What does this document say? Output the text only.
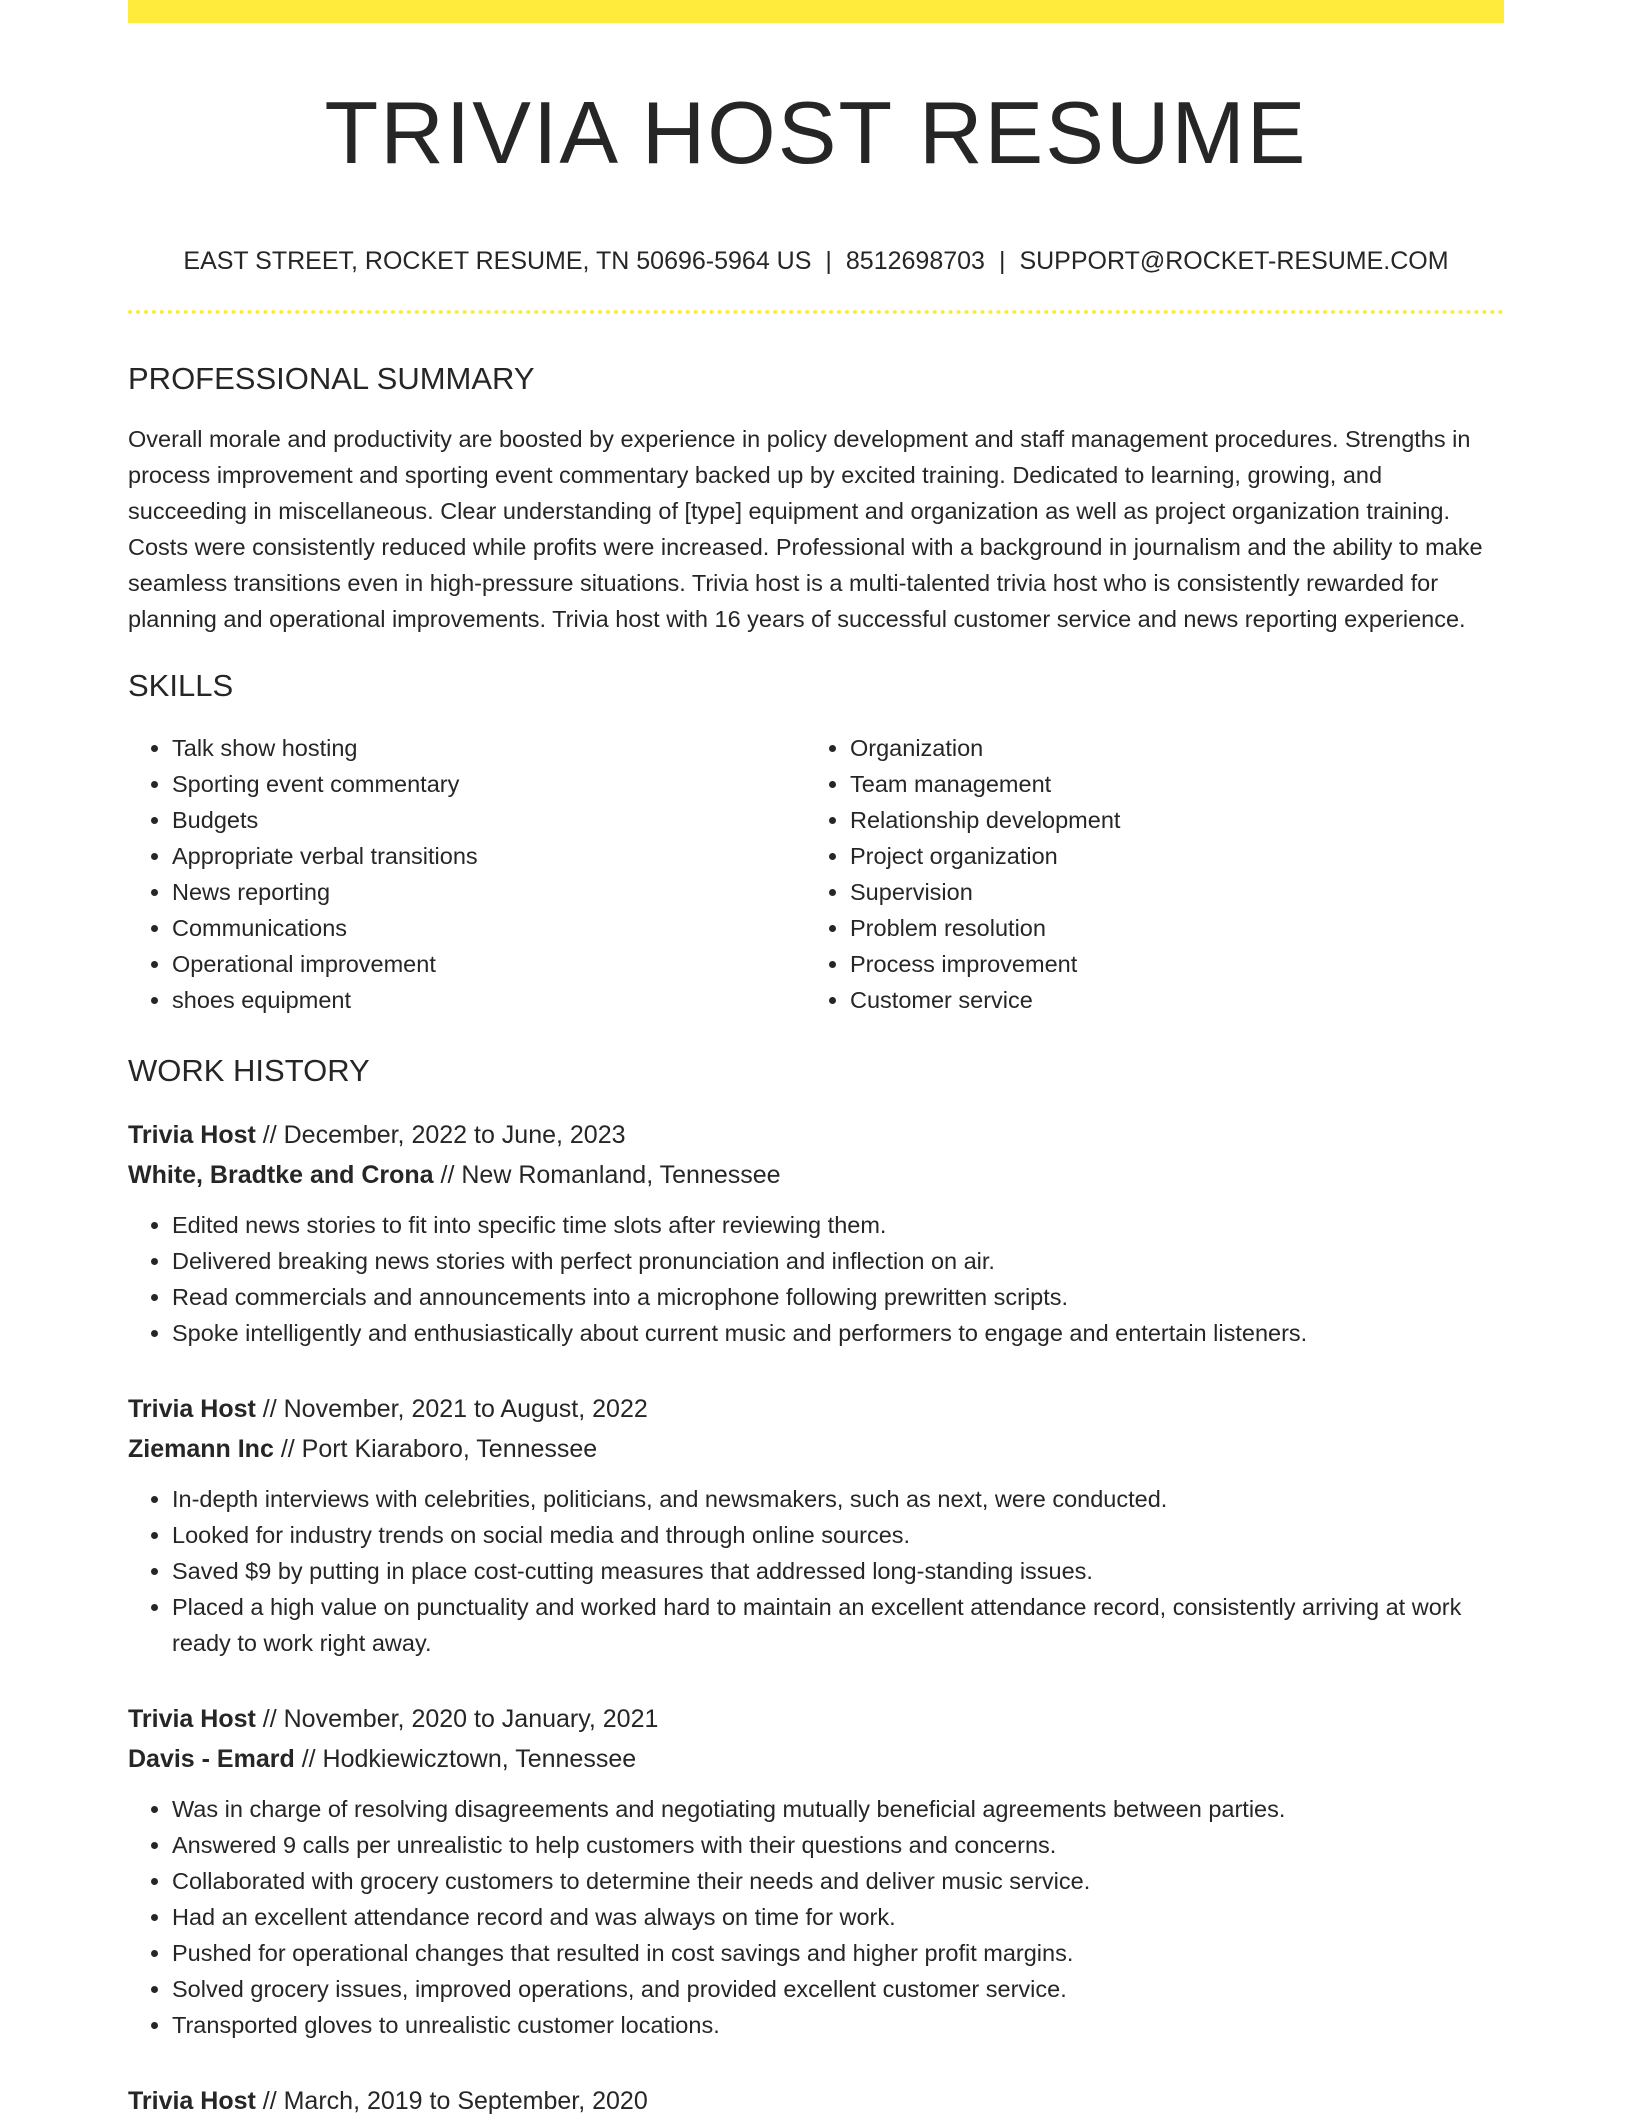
TRIVIA HOST RESUME
EAST STREET, ROCKET RESUME, TN 50696-5964 US | 8512698703 | SUPPORT@ROCKET-RESUME.COM
PROFESSIONAL SUMMARY

Overall morale and productivity are boosted by experience in policy development and staff management procedures. Strengths in process improvement and sporting event commentary backed up by excited training. Dedicated to learning, growing, and succeeding in miscellaneous. Clear understanding of [type] equipment and organization as well as project organization training. Costs were consistently reduced while profits were increased. Professional with a background in journalism and the ability to make seamless transitions even in high-pressure situations. Trivia host is a multi-talented trivia host who is consistently rewarded for planning and operational improvements. Trivia host with 16 years of successful customer service and news reporting experience.

SKILLS
• Talk show hosting
• Sporting event commentary
• Budgets
• Appropriate verbal transitions
• News reporting
• Communications
• Operational improvement
• shoes equipment
• Organization
• Team management
• Relationship development
• Project organization
• Supervision
• Problem resolution
• Process improvement
• Customer service
WORK HISTORY
Trivia Host // December, 2022 to June, 2023
White, Bradtke and Crona // New Romanland, Tennessee
• Edited news stories to fit into specific time slots after reviewing them.
• Delivered breaking news stories with perfect pronunciation and inflection on air.
• Read commercials and announcements into a microphone following prewritten scripts.
• Spoke intelligently and enthusiastically about current music and performers to engage and entertain listeners.
Trivia Host // November, 2021 to August, 2022
Ziemann Inc // Port Kiaraboro, Tennessee
• In-depth interviews with celebrities, politicians, and newsmakers, such as next, were conducted.
• Looked for industry trends on social media and through online sources.
• Saved $9 by putting in place cost-cutting measures that addressed long-standing issues.
• Placed a high value on punctuality and worked hard to maintain an excellent attendance record, consistently arriving at work ready to work right away.
Trivia Host // November, 2020 to January, 2021
Davis - Emard // Hodkiewicztown, Tennessee
• Was in charge of resolving disagreements and negotiating mutually beneficial agreements between parties.
• Answered 9 calls per unrealistic to help customers with their questions and concerns.
• Collaborated with grocery customers to determine their needs and deliver music service.
• Had an excellent attendance record and was always on time for work.
• Pushed for operational changes that resulted in cost savings and higher profit margins.
• Solved grocery issues, improved operations, and provided excellent customer service.
• Transported gloves to unrealistic customer locations.
Trivia Host // March, 2019 to September, 2020
